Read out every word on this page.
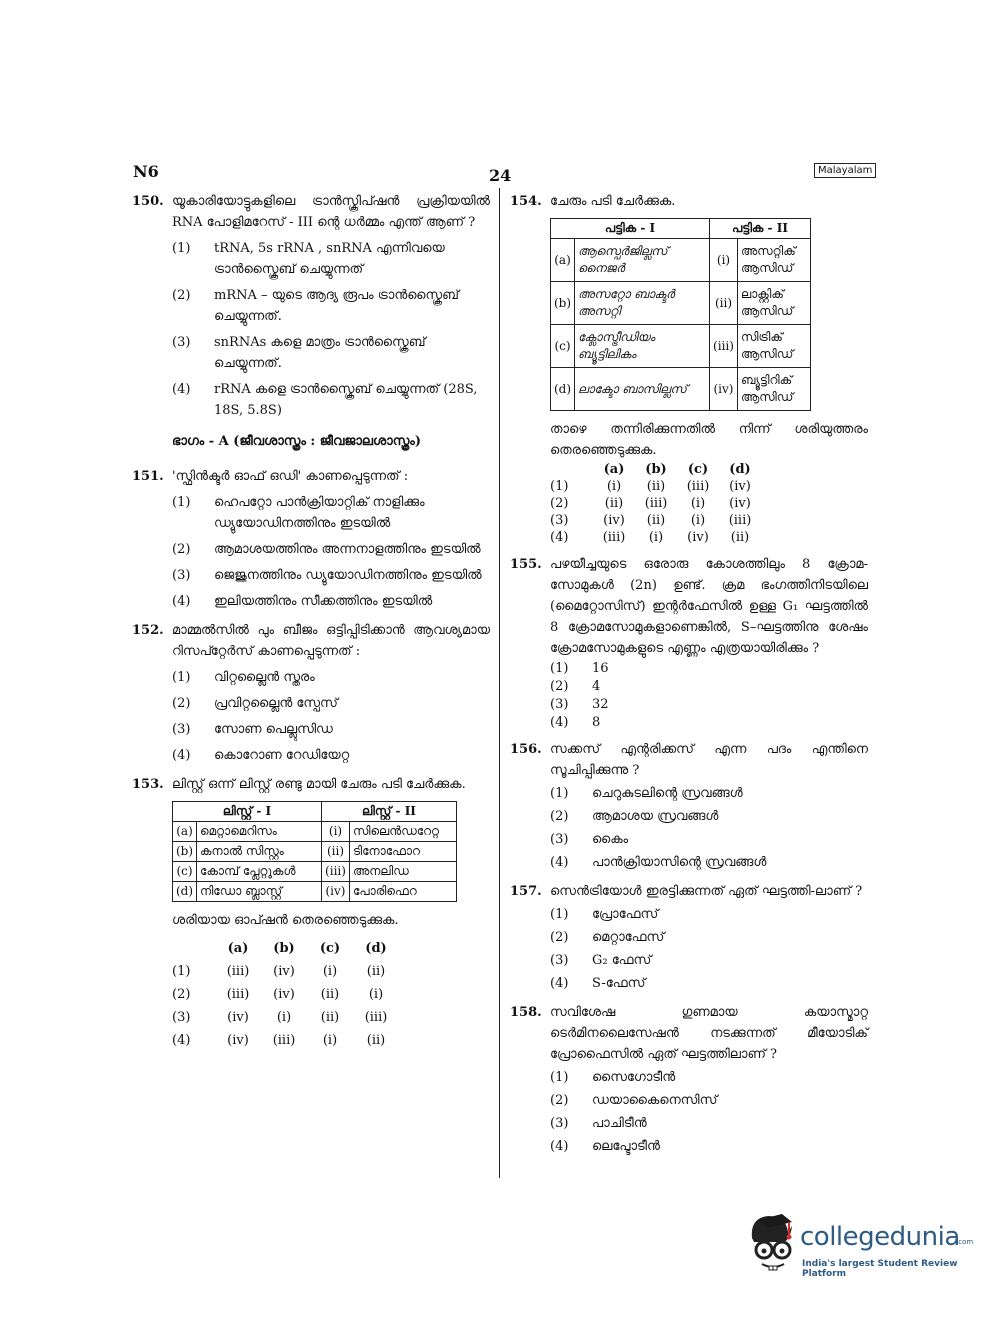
N6	24	Malayalam
150. യൂകാരിയോട്ടുകളിലെ ട്രാൻസ്ക്രിപ്ഷൻ പ്രക്രിയയിൽ RNA പോളിമറേസ് - III ന്റെ ധർമ്മം എന്ത് ആണ് ?
(1)	tRNA, 5s rRNA , snRNA എന്നിവയെ ട്രാൻസ്ക്രൈബ് ചെയ്യുന്നത്
(2)	mRNA – യുടെ ആദ്യ രൂപം ട്രാൻസ്ക്രൈബ് ചെയ്യുന്നത്.
(3)	snRNAs കളെ മാത്രം ട്രാൻസ്ക്രൈബ് ചെയ്യുന്നത്.
(4)	rRNA കളെ ട്രാൻസ്ക്രൈബ് ചെയ്യുന്നത് (28S, 18S, 5.8S)
ഭാഗം - A (ജീവശാസ്ത്രം : ജീവജാലശാസ്ത്രം)
151. 'സ്ഫിൻക്ടർ ഓഫ് ഒഡി' കാണപ്പെടുന്നത് :
(1)	ഹെപറ്റോ പാൻക്രിയാറ്റിക് നാളിക്കും ഡ്യുയോഡിനത്തിനും ഇടയിൽ
(2)	ആമാശയത്തിനും അന്നനാളത്തിനും ഇടയിൽ
(3)	ജെജുനത്തിനും ഡ്യുയോഡിനത്തിനും ഇടയിൽ
(4)	ഇലിയത്തിനും സീക്കത്തിനും ഇടയിൽ
152. മാമ്മൽസിൽ പും ബീജം ഒട്ടിപ്പിടിക്കാൻ ആവശ്യമായ റിസപ്റ്റേർസ് കാണപ്പെടുന്നത് :
(1)	വിറ്റല്ലൈൻ സ്തരം
(2)	പ്രവിറ്റല്ലൈൻ സ്പേസ്
(3)	സോണ പെല്ലുസിഡ
(4)	കൊറോണ റേഡിയേറ്റ
153. ലിസ്റ്റ് ഒന്ന് ലിസ്റ്റ് രണ്ടു മായി ചേരും പടി ചേർക്കുക.
ലിസ്റ്റ് - I		ലിസ്റ്റ് - II	
(a)	മെറ്റാമെറിസം	(i)	സിലെൻഡറേറ്റ
(b)	കനാൽ സിസ്റ്റം	(ii)	ടിനോഫോറ
(c)	കോമ്പ് പ്ലേറ്റുകൾ	(iii)	അനലിഡ
(d)	നിഡോ ബ്ലാസ്റ്റ്	(iv)	പോരിഫെറ
ശരിയായ ഓപ്ഷൻ തെരഞ്ഞെടുക്കുക.
	(a)	(b)	(c)	(d)
(1)	(iii)	(iv)	(i)	(ii)
(2)	(iii)	(iv)	(ii)	(i)
(3)	(iv)	(i)	(ii)	(iii)
(4)	(iv)	(iii)	(i)	(ii)
154. ചേരും പടി ചേർക്കുക.
പട്ടിക - I		പട്ടിക - II	
(a)	ആസ്പെർജില്ലസ് നൈജർ	(i)	അസറ്റിക് ആസിഡ്
(b)	അസറ്റോ ബാക്ടർ അസറ്റി	(ii)	ലാക്റ്റിക് ആസിഡ്
(c)	ക്ലോസ്ട്രീഡിയം ബ്യൂട്ടിലികം	(iii)	സിട്രിക് ആസിഡ്
(d)	ലാക്ടോ ബാസില്ലസ്	(iv)	ബ്യൂട്ടിറിക് ആസിഡ്
താഴെ തന്നിരിക്കുന്നതിൽ നിന്ന് ശരിയുത്തരം തെരഞ്ഞെടുക്കുക.
	(a)	(b)	(c)	(d)
(1)	(i)	(ii)	(iii)	(iv)
(2)	(ii)	(iii)	(i)	(iv)
(3)	(iv)	(ii)	(i)	(iii)
(4)	(iii)	(i)	(iv)	(ii)
155. പഴയീച്ചയുടെ ഒരോരു കോശത്തിലും 8 ക്രോമ-സോമുകൾ (2n) ഉണ്ട്. ക്രമ ഭംഗത്തിനിടയിലെ (മൈറ്റോസിസ്) ഇന്റർഫേസിൽ ഉള്ള G₁ ഘട്ടത്തിൽ 8 ക്രോമസോമുകളാണെങ്കിൽ, S–ഘട്ടത്തിനു ശേഷം ക്രോമസോമുകളുടെ എണ്ണം എത്രയായിരിക്കും ?
(1)	16
(2)	4
(3)	32
(4)	8
156. സക്കസ് എന്റരിക്കസ് എന്ന പദം എന്തിനെ സൂചിപ്പിക്കുന്നു ?
(1)	ചെറുകുടലിന്റെ സ്രവങ്ങൾ
(2)	ആമാശയ സ്രവങ്ങൾ
(3)	കൈം
(4)	പാൻക്രിയാസിന്റെ സ്രവങ്ങൾ
157. സെൻട്രിയോൾ ഇരട്ടിക്കുന്നത് ഏത് ഘട്ടത്തി-ലാണ് ?
(1)	പ്രോഫേസ്
(2)	മെറ്റാഫേസ്
(3)	G₂ ഫേസ്
(4)	S-ഫേസ്
158. സവിശേഷ ഗുണമായ കയാസ്മാറ്റ ടെർമിനലൈസേഷൻ നടക്കുന്നത് മീയോടിക് പ്രോഫൈസിൽ ഏത് ഘട്ടത്തിലാണ് ?
(1)	സൈഗോടീൻ
(2)	ഡയാകൈനെസിസ്
(3)	പാചിടീൻ
(4)	ലെപ്ടോടീൻ
collegedunia
.com
India's largest Student Review Platform
